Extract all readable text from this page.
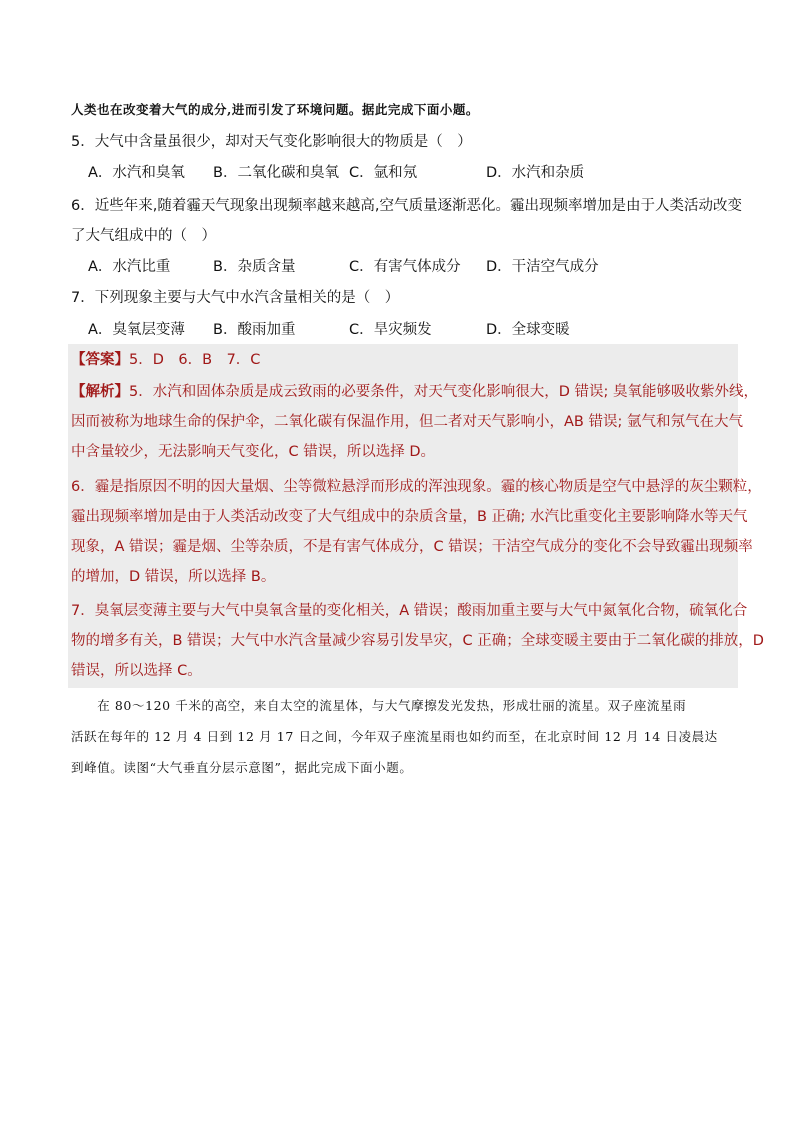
人类也在改变着大气的成分,进而引发了环境问题。据此完成下面小题。
5．大气中含量虽很少，却对天气变化影响很大的物质是（　）
A．水汽和臭氧 B．二氧化碳和臭氧 C．氩和氖	D．水汽和杂质
6．近些年来,随着霾天气现象出现频率越来越高,空气质量逐渐恶化。霾出现频率增加是由于人类活动改变
了大气组成中的（　）
A．水汽比重	B．杂质含量	C．有害气体成分 D．干洁空气成分
7．下列现象主要与大气中水汽含量相关的是（　）
A．臭氧层变薄 B．酸雨加重	C．旱灾频发	D．全球变暖
【答案】5．D　6．B　7．C
【解析】5．水汽和固体杂质是成云致雨的必要条件，对天气变化影响很大，D 错误; 臭氧能够吸收紫外线，
因而被称为地球生命的保护伞，二氧化碳有保温作用，但二者对天气影响小，AB 错误; 氩气和氖气在大气
中含量较少，无法影响天气变化，C 错误，所以选择 D。
6．霾是指原因不明的因大量烟、尘等微粒悬浮而形成的浑浊现象。霾的核心物质是空气中悬浮的灰尘颗粒，
霾出现频率增加是由于人类活动改变了大气组成中的杂质含量，B 正确; 水汽比重变化主要影响降水等天气
现象，A 错误；霾是烟、尘等杂质，不是有害气体成分，C 错误；干洁空气成分的变化不会导致霾出现频率
的增加，D 错误，所以选择 B。
7．臭氧层变薄主要与大气中臭氧含量的变化相关，A 错误；酸雨加重主要与大气中氮氧化合物，硫氧化合
物的增多有关，B 错误；大气中水汽含量减少容易引发旱灾，C 正确；全球变暖主要由于二氧化碳的排放，D
错误，所以选择 C。
　　在 80～120 千米的高空，来自太空的流星体，与大气摩擦发光发热，形成壮丽的流星。双子座流星雨
活跃在每年的 12 月 4 日到 12 月 17 日之间，今年双子座流星雨也如约而至，在北京时间 12 月 14 日凌晨达
到峰值。读图“大气垂直分层示意图”，据此完成下面小题。
